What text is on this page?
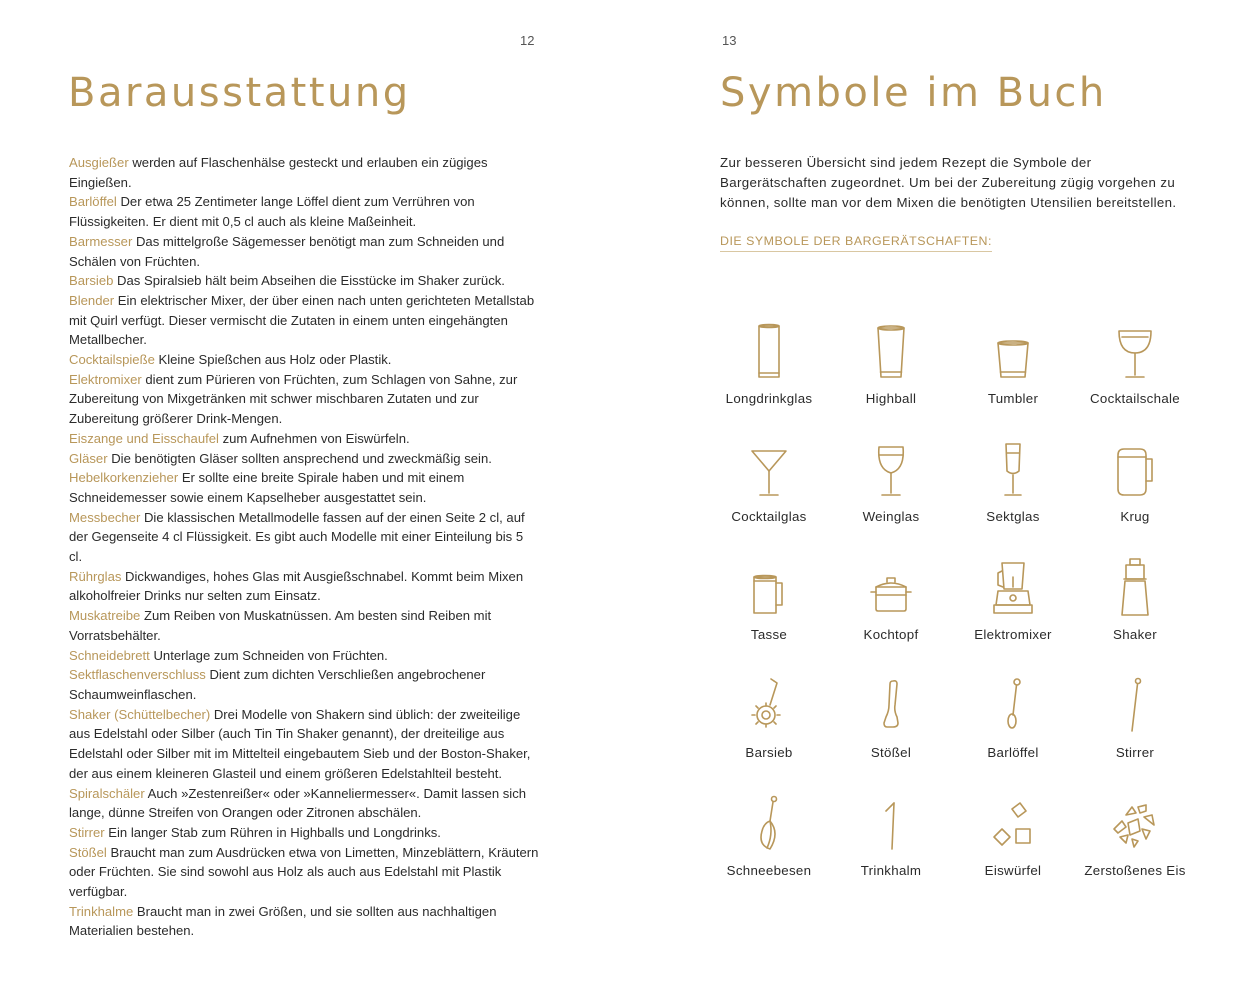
12
Barausstattung

Ausgießer werden auf Flaschenhälse gesteckt und erlauben ein zügiges Eingießen.

Barlöffel Der etwa 25 Zentimeter lange Löffel dient zum Verrühren von Flüssigkeiten. Er dient mit 0,5 cl auch als kleine Maßeinheit.

Barmesser Das mittelgroße Sägemesser benötigt man zum Schneiden und Schälen von Früchten.

Barsieb Das Spiralsieb hält beim Abseihen die Eisstücke im Shaker zurück.

Blender Ein elektrischer Mixer, der über einen nach unten gerichteten Metallstab mit Quirl verfügt. Dieser vermischt die Zutaten in einem unten eingehängten Metallbecher.

Cocktailspieße Kleine Spießchen aus Holz oder Plastik.

Elektromixer dient zum Pürieren von Früchten, zum Schlagen von Sahne, zur Zubereitung von Mixgetränken mit schwer mischbaren Zutaten und zur Zubereitung größerer Drink-Mengen.

Eiszange und Eisschaufel zum Aufnehmen von Eiswürfeln.

Gläser Die benötigten Gläser sollten ansprechend und zweckmäßig sein.

Hebelkorkenzieher Er sollte eine breite Spirale haben und mit einem Schneidemesser sowie einem Kapselheber ausgestattet sein.

Messbecher Die klassischen Metallmodelle fassen auf der einen Seite 2 cl, auf der Gegenseite 4 cl Flüssigkeit. Es gibt auch Modelle mit einer Einteilung bis 5 cl.

Rührglas Dickwandiges, hohes Glas mit Ausgießschnabel. Kommt beim Mixen alkoholfreier Drinks nur selten zum Einsatz.

Muskatreibe Zum Reiben von Muskatnüssen. Am besten sind Reiben mit Vorratsbehälter.

Schneidebrett Unterlage zum Schneiden von Früchten.

Sektflaschenverschluss Dient zum dichten Verschließen angebrochener Schaumweinflaschen.

Shaker (Schüttelbecher) Drei Modelle von Shakern sind üblich: der zweiteilige aus Edelstahl oder Silber (auch Tin Tin Shaker genannt), der dreiteilige aus Edelstahl oder Silber mit im Mittelteil eingebautem Sieb und der Boston-Shaker, der aus einem kleineren Glasteil und einem größeren Edelstahlteil besteht.

Spiralschäler Auch »Zestenreißer« oder »Kanneliermesser«. Damit lassen sich lange, dünne Streifen von Orangen oder Zitronen abschälen.

Stirrer Ein langer Stab zum Rühren in Highballs und Longdrinks.

Stößel Braucht man zum Ausdrücken etwa von Limetten, Minzeblättern, Kräutern oder Früchten. Sie sind sowohl aus Holz als auch aus Edelstahl mit Plastik verfügbar.

Trinkhalme Braucht man in zwei Größen, und sie sollten aus nachhaltigen Materialien bestehen.

13
Symbole im Buch

Zur besseren Übersicht sind jedem Rezept die Symbole der Bargerätschaften zugeordnet. Um bei der Zubereitung zügig vorgehen zu können, sollte man vor dem Mixen die benötigten Utensilien bereitstellen.

DIE SYMBOLE DER BARGERÄTSCHAFTEN:
Longdrinkglas	Highball	Tumbler	Cocktailschale
Cocktailglas	Weinglas	Sektglas	Krug
Tasse	Kochtopf	Elektromixer	Shaker
Barsieb	Stößel	Barlöffel	Stirrer
Schneebesen	Trinkhalm	Eiswürfel	Zerstoßenes Eis
